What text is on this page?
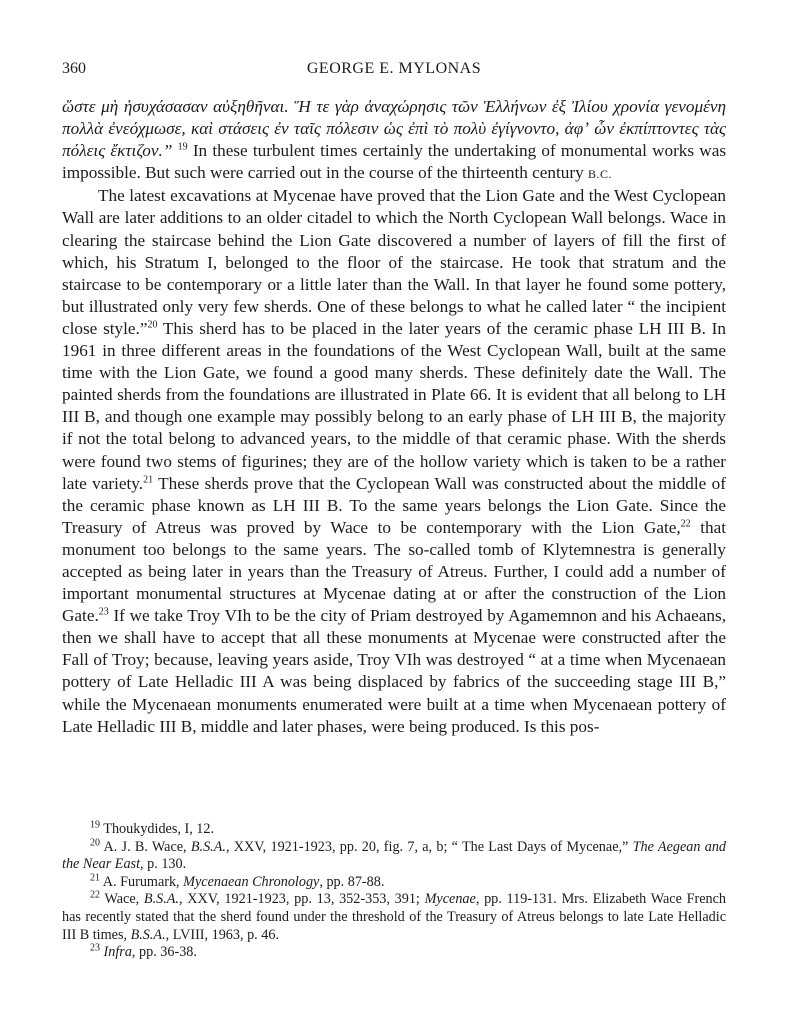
360	GEORGE E. MYLONAS

ὥστε μὴ ἡσυχάσασαν αὐξηθῆναι. Ἥ τε γὰρ ἀναχώρησις τῶν Ἑλλήνων ἐξ Ἰλίου χρονία γενομένη πολλὰ ἐνεόχμωσε, καὶ στάσεις ἐν ταῖς πόλεσιν ὡς ἐπὶ τὸ πολὺ ἐγίγνοντο, ἀφʼ ὧν ἐκπίπτοντες τὰς πόλεις ἔκτιζον.” $^{19}$ In these turbulent times certainly the undertaking of monumental works was impossible. But such were carried out in the course of the thirteenth century B.C.

The latest excavations at Mycenae have proved that the Lion Gate and the West Cyclopean Wall are later additions to an older citadel to which the North Cyclopean Wall belongs. Wace in clearing the staircase behind the Lion Gate discovered a number of layers of fill the first of which, his Stratum I, belonged to the floor of the staircase. He took that stratum and the staircase to be contemporary or a little later than the Wall. In that layer he found some pottery, but illustrated only very few sherds. One of these belongs to what he called later “ the incipient close style.”$^{20}$ This sherd has to be placed in the later years of the ceramic phase LH III B. In 1961 in three different areas in the foundations of the West Cyclopean Wall, built at the same time with the Lion Gate, we found a good many sherds. These definitely date the Wall. The painted sherds from the foundations are illustrated in Plate 66. It is evident that all belong to LH III B, and though one example may possibly belong to an early phase of LH III B, the majority if not the total belong to advanced years, to the middle of that ceramic phase. With the sherds were found two stems of figurines; they are of the hollow variety which is taken to be a rather late variety.$^{21}$ These sherds prove that the Cyclopean Wall was constructed about the middle of the ceramic phase known as LH III B. To the same years belongs the Lion Gate. Since the Treasury of Atreus was proved by Wace to be contemporary with the Lion Gate,$^{22}$ that monument too belongs to the same years. The so-called tomb of Klytemnestra is generally accepted as being later in years than the Treasury of Atreus. Further, I could add a number of important monumental structures at Mycenae dating at or after the construction of the Lion Gate.$^{23}$ If we take Troy VIh to be the city of Priam destroyed by Agamemnon and his Achaeans, then we shall have to accept that all these monuments at Mycenae were constructed after the Fall of Troy; because, leaving years aside, Troy VIh was destroyed “ at a time when Mycenaean pottery of Late Helladic III A was being displaced by fabrics of the succeeding stage III B,” while the Mycenaean monuments enumerated were built at a time when Mycenaean pottery of Late Helladic III B, middle and later phases, were being produced. Is this pos-

$^{19}$ Thoukydides, I, 12.

$^{20}$ A. J. B. Wace, B.S.A., XXV, 1921-1923, pp. 20, fig. 7, a, b; “ The Last Days of Mycenae,” The Aegean and the Near East, p. 130.

$^{21}$ A. Furumark, Mycenaean Chronology, pp. 87-88.

$^{22}$ Wace, B.S.A., XXV, 1921-1923, pp. 13, 352-353, 391; Mycenae, pp. 119-131. Mrs. Elizabeth Wace French has recently stated that the sherd found under the threshold of the Treasury of Atreus belongs to late Late Helladic III B times, B.S.A., LVIII, 1963, p. 46.

$^{23}$ Infra, pp. 36-38.
